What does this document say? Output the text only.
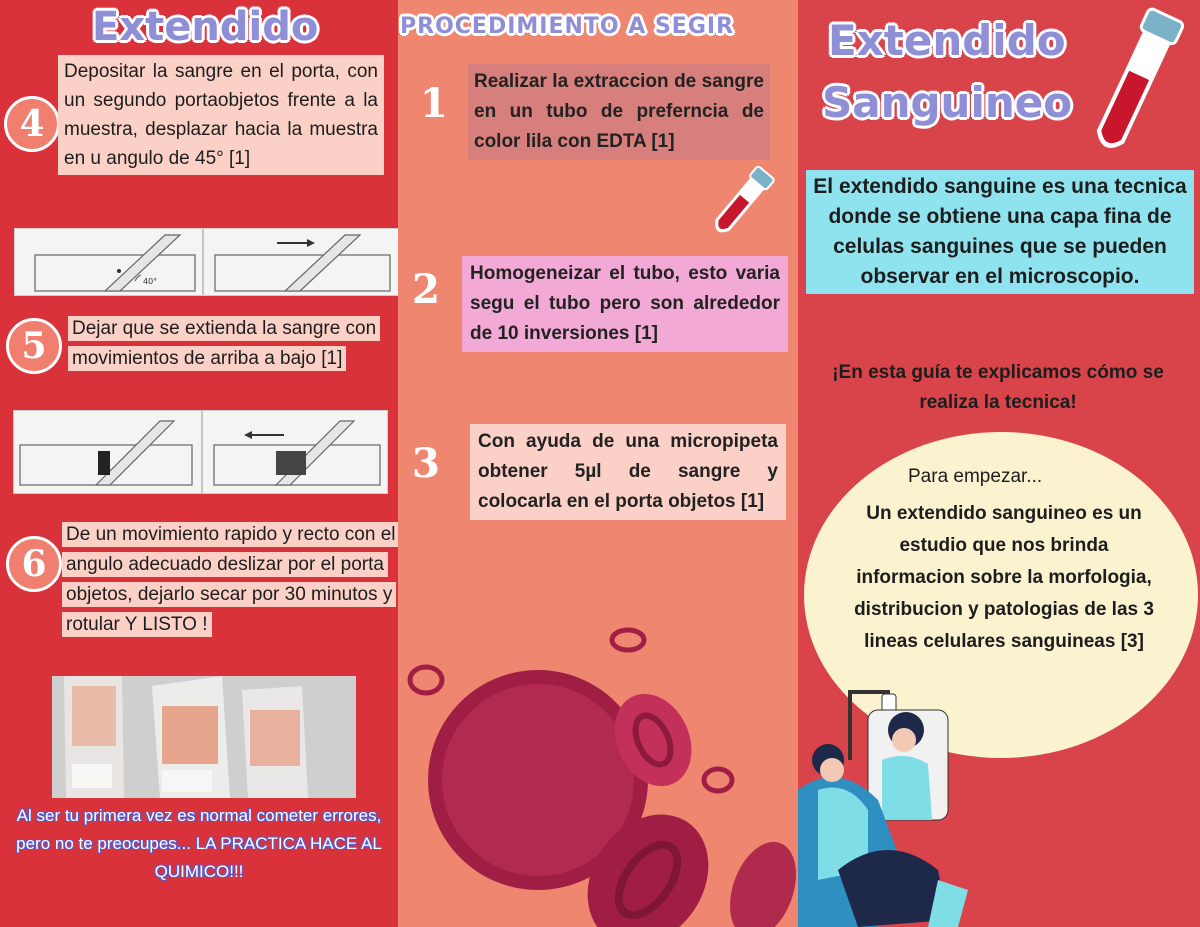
Extendido
4
Depositar la sangre en el porta, con un segundo portaobjetos frente a la muestra, desplazar hacia la muestra en u angulo de 45° [1]
40°
5	Dejar que se extienda la sangre con movimientos de arriba a bajo [1]
6
De un movimiento rapido y recto con el angulo adecuado deslizar por el porta objetos, dejarlo secar por 30 minutos y rotular Y LISTO !
Al ser tu primera vez es normal cometer errores, pero no te preocupes... LA PRACTICA HACE AL QUIMICO!!!
PROCEDIMIENTO A SEGIR
1	Realizar la extraccion de sangre en un tubo de preferncia de color lila con EDTA [1]
2	Homogeneizar el tubo, esto varia segu el tubo pero son alrededor de 10 inversiones [1]
3	Con ayuda de una micropipeta obtener 5µl de sangre y colocarla en el porta objetos [1]
Extendido
Sanguineo
El extendido sanguine es una tecnica donde se obtiene una capa fina de celulas sanguines que se pueden observar en el microscopio.
¡En esta guía te explicamos cómo se realiza la tecnica!
Para empezar...
Un extendido sanguineo es un estudio que nos brinda informacion sobre la morfologia, distribucion y patologias de las 3 lineas celulares sanguineas [3]
